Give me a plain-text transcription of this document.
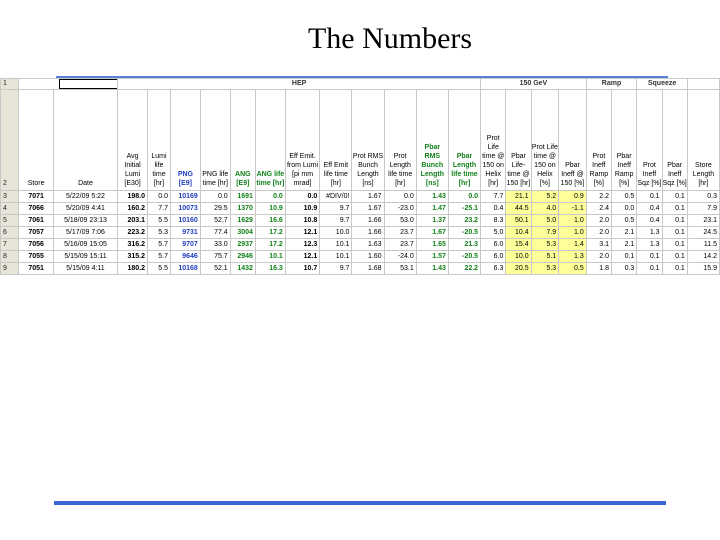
The Numbers
1			HEP												150 GeV				Ramp		Squeeze		
2	Store	Date	Avg Initial Lumi [E30]	Lumi life time [hr]	PNG [E9]	PNG life time [hr]	ANG [E9]	ANG life time [hr]	Eff Emit. from Lumi [pi mm mrad]	Eff Emit life time [hr]	Prot RMS Bunch Length [ns]	Prot Length life time [hr]	Pbar RMS Bunch Length [ns]	Pbar Length life time [hr]	Prot Life time @ 150 on Helix [hr]	Pbar Life-time @ 150 [hr]	Prot Life time @ 150 on Helix [%]	Pbar Ineff @ 150 [%]	Prot Ineff Ramp [%]	Pbar Ineff Ramp [%]	Prot Ineff Sqz [%]	Pbar Ineff Sqz [%]	Store Length [hr]
3	7071	5/22/09 5:22	198.0	0.0	10169	0.0	1691	0.0	0.0	#DIV/0!	1.67	0.0	1.43	0.0	7.7	21.1	5.2	0.9	2.2	0.5	0.1	0.1	0.3
4	7066	5/20/09 4:41	160.2	7.7	10073	29.5	1370	10.9	10.9	9.7	1.67	-23.0	1.47	-25.1	0.4	44.5	4.0	-1.1	2.4	0.0	0.4	0.1	7.9
5	7061	5/18/09 23:13	203.1	5.5	10160	52.7	1629	16.6	10.8	9.7	1.66	53.0	1.37	23.2	8.3	50.1	5.0	1.0	2.0	0.5	0.4	0.1	23.1
6	7057	5/17/09 7:06	223.2	5.3	9731	77.4	3004	17.2	12.1	10.0	1.66	23.7	1.67	-20.5	5.0	10.4	7.9	1.0	2.0	2.1	1.3	0.1	24.5
7	7056	5/16/09 15:05	316.2	5.7	9707	33.0	2937	17.2	12.3	10.1	1.63	23.7	1.65	21.3	6.0	15.4	5.3	1.4	3.1	2.1	1.3	0.1	11.5
8	7055	5/15/09 15:11	315.2	5.7	9646	75.7	2946	10.1	12.1	10.1	1.60	-24.0	1.57	-20.5	6.0	10.0	5.1	1.3	2.0	0.1	0.1	0.1	14.2
9	7051	5/15/09 4:11	180.2	5.5	10168	52.1	1432	16.3	10.7	9.7	1.68	53.1	1.43	22.2	6.3	20.5	5.3	0.5	1.8	0.3	0.1	0.1	15.9
